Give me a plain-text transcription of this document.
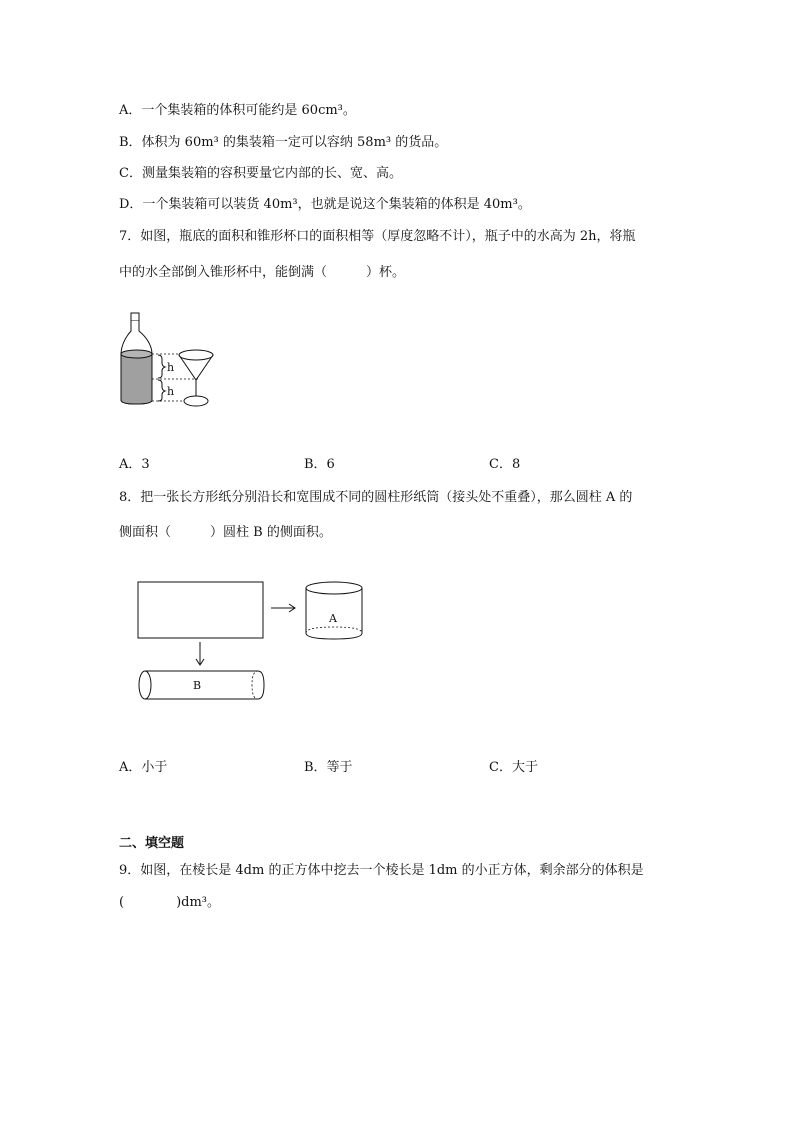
A．一个集装箱的体积可能约是 60cm³。
B．体积为 60m³ 的集装箱一定可以容纳 58m³ 的货品。
C．测量集装箱的容积要量它内部的长、宽、高。
D．一个集装箱可以装货 40m³，也就是说这个集装箱的体积是 40m³。
7．如图，瓶底的面积和锥形杯口的面积相等（厚度忽略不计），瓶子中的水高为 2h，将瓶
中的水全部倒入锥形杯中，能倒满（　　　）杯。
h
h
A．3	B．6	C．8
8．把一张长方形纸分别沿长和宽围成不同的圆柱形纸筒（接头处不重叠），那么圆柱 A 的
侧面积（　　　）圆柱 B 的侧面积。
A
B
A．小于	B．等于	C．大于
二、填空题
9．如图，在棱长是 4dm 的正方体中挖去一个棱长是 1dm 的小正方体，剩余部分的体积是
(　　　　)dm³。
